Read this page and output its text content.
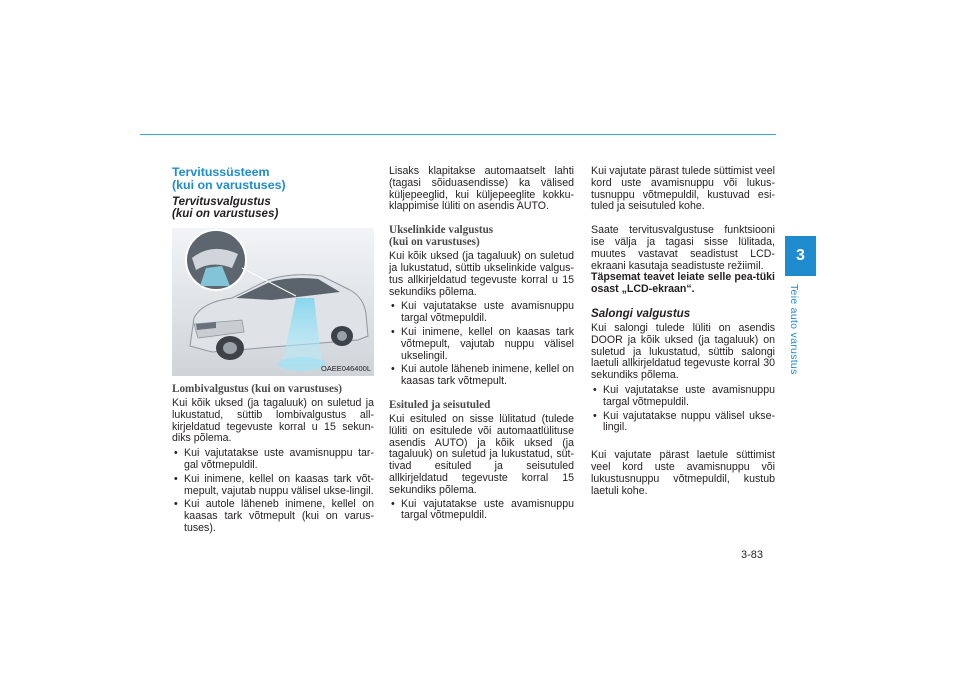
3
Teie auto varustus

Tervitussüsteem

(kui on varustuses)

Tervitusvalgustus

(kui on varustuses)

OAEE046400L

Lombivalgustus (kui on varustuses)

Kui kõik uksed (ja tagaluuk) on suletud ja lukustatud, süttib lombivalgustus all-kirjeldatud tegevuste korral u 15 sekun-diks põlema.

• Kui vajutatakse uste avamisnuppu tar-gal võtmepuldil.
• Kui inimene, kellel on kaasas tark võt-mepult, vajutab nuppu välisel ukse-lingil.
• Kui autole läheneb inimene, kellel on kaasas tark võtmepult (kui on varus-tuses).

Lisaks klapitakse automaatselt lahti (tagasi sõiduasendisse) ka välised küljepeeglid, kui küljepeeglite kokku-klappimise lüliti on asendis AUTO.

Ukselinkide valgustus

(kui on varustuses)

Kui kõik uksed (ja tagaluuk) on suletud ja lukustatud, süttib ukselinkide valgus-tus allkirjeldatud tegevuste korral u 15 sekundiks põlema.

• Kui vajutatakse uste avamisnuppu targal võtmepuldil.
• Kui inimene, kellel on kaasas tark võtmepult, vajutab nuppu välisel ukselingil.
• Kui autole läheneb inimene, kellel on kaasas tark võtmepult.

Esituled ja seisutuled

Kui esituled on sisse lülitatud (tulede lüliti on esitulede või automaatlülituse asendis AUTO) ja kõik uksed (ja tagaluuk) on suletud ja lukustatud, süt-tivad esituled ja seisutuled allkirjeldatud tegevuste korral 15 sekundiks põlema.

• Kui vajutatakse uste avamisnuppu targal võtmepuldil.

Kui vajutate pärast tulede süttimist veel kord uste avamisnuppu või lukus-tusnuppu võtmepuldil, kustuvad esi-tuled ja seisutuled kohe.

Saate tervitusvalgustuse funktsiooni ise välja ja tagasi sisse lülitada, muutes vastavat seadistust LCD-ekraani kasutaja seadistuste režiimil.

Täpsemat teavet leiate selle pea-tüki osast „LCD-ekraan“.

Salongi valgustus

Kui salongi tulede lüliti on asendis DOOR ja kõik uksed (ja tagaluuk) on suletud ja lukustatud, süttib salongi laetuli allkirjeldatud tegevuste korral 30 sekundiks põlema.

• Kui vajutatakse uste avamisnuppu targal võtmepuldil.
• Kui vajutatakse nuppu välisel ukse-lingil.

Kui vajutate pärast laetule süttimist veel kord uste avamisnuppu või lukustusnuppu võtmepuldil, kustub laetuli kohe.

3-83
